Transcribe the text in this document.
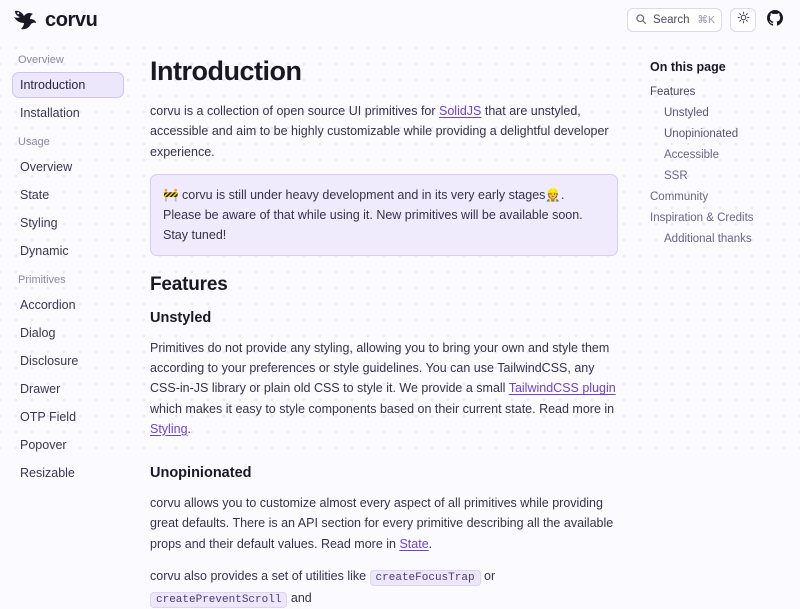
corvu	Search ⌘K
Overview
Introduction
Installation
Usage
Overview
State
Styling
Dynamic
Primitives
Accordion
Dialog
Disclosure
Drawer
OTP Field
Popover
Resizable
Introduction

corvu is a collection of open source UI primitives for SolidJS that are unstyled, accessible and aim to be highly customizable while providing a delightful developer experience.

🚧 corvu is still under heavy development and in its very early stages👷. Please be aware of that while using it. New primitives will be available soon. Stay tuned!
Features
Unstyled

Primitives do not provide any styling, allowing you to bring your own and style them according to your preferences or style guidelines. You can use TailwindCSS, any CSS-in-JS library or plain old CSS to style it. We provide a small TailwindCSS plugin which makes it easy to style components based on their current state. Read more in Styling.

Unopinionated

corvu allows you to customize almost every aspect of all primitives while providing great defaults. There is an API section for every primitive describing all the available props and their default values. Read more in State.

corvu also provides a set of utilities like createFocusTrap or createPreventScroll and

On this page
Features
Unstyled
Unopinionated
Accessible
SSR
Community
Inspiration & Credits
Additional thanks
